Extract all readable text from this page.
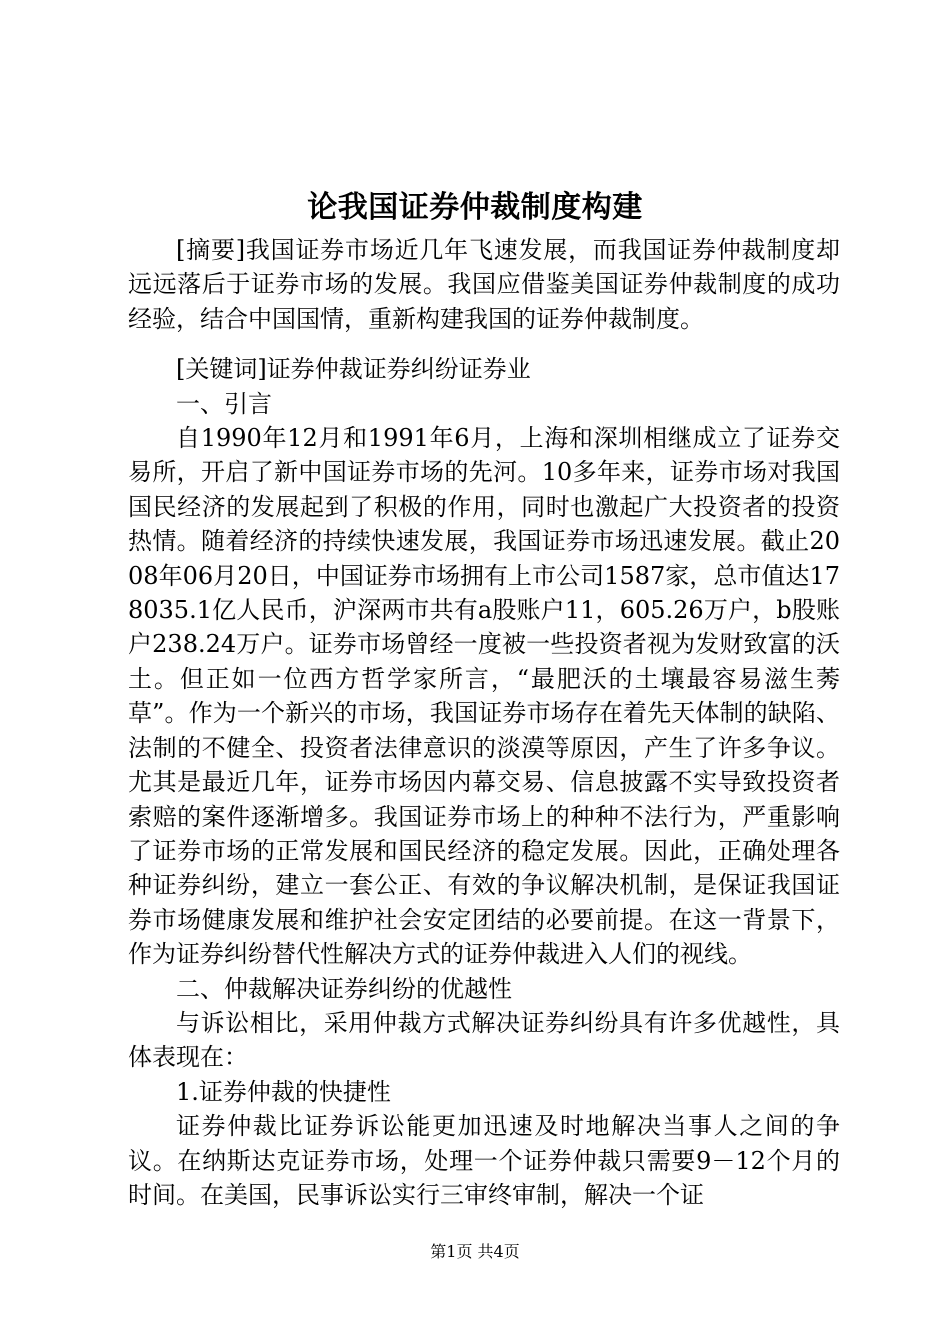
论我国证券仲裁制度构建

[摘要]我国证券市场近几年飞速发展，而我国证券仲裁制度却远远落后于证券市场的发展。我国应借鉴美国证券仲裁制度的成功经验，结合中国国情，重新构建我国的证券仲裁制度。

[关键词]证券仲裁证券纠纷证券业

一、引言

自1990年12月和1991年6月，上海和深圳相继成立了证券交易所，开启了新中国证券市场的先河。10多年来，证券市场对我国国民经济的发展起到了积极的作用，同时也激起广大投资者的投资热情。随着经济的持续快速发展，我国证券市场迅速发展。截止2008年06月20日，中国证券市场拥有上市公司1587家，总市值达178035.1亿人民币，沪深两市共有a股账户11，605.26万户，b股账户238.24万户。证券市场曾经一度被一些投资者视为发财致富的沃土。但正如一位西方哲学家所言，“最肥沃的土壤最容易滋生莠草”。作为一个新兴的市场，我国证券市场存在着先天体制的缺陷、法制的不健全、投资者法律意识的淡漠等原因，产生了许多争议。尤其是最近几年，证券市场因内幕交易、信息披露不实导致投资者索赔的案件逐渐增多。我国证券市场上的种种不法行为，严重影响了证券市场的正常发展和国民经济的稳定发展。因此，正确处理各种证券纠纷，建立一套公正、有效的争议解决机制，是保证我国证券市场健康发展和维护社会安定团结的必要前提。在这一背景下，作为证券纠纷替代性解决方式的证券仲裁进入人们的视线。

二、仲裁解决证券纠纷的优越性

与诉讼相比，采用仲裁方式解决证券纠纷具有许多优越性，具体表现在：

1.证券仲裁的快捷性

证券仲裁比证券诉讼能更加迅速及时地解决当事人之间的争议。在纳斯达克证券市场，处理一个证券仲裁只需要9－12个月的时间。在美国，民事诉讼实行三审终审制，解决一个证

第1页 共4页
